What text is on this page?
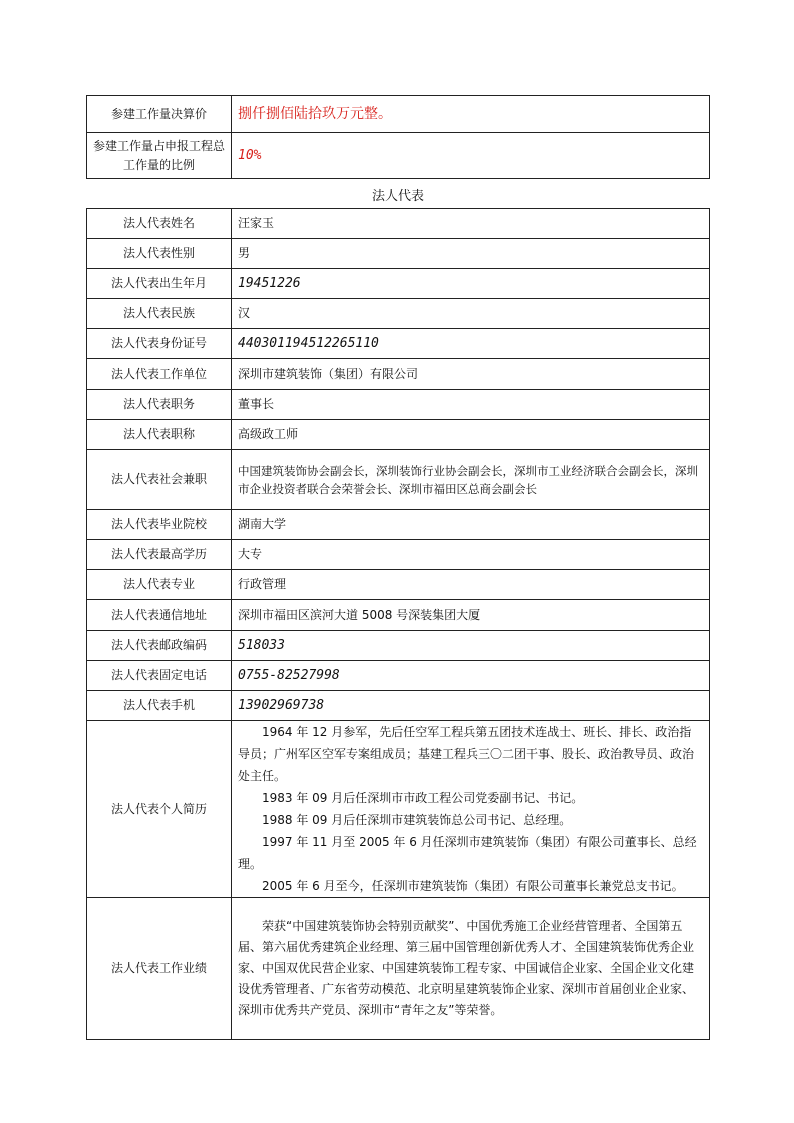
参建工作量决算价	捌仟捌佰陆拾玖万元整。
参建工作量占申报工程总工作量的比例	10%
法人代表
法人代表姓名	汪家玉
法人代表性别	男
法人代表出生年月	19451226
法人代表民族	汉
法人代表身份证号	440301194512265110
法人代表工作单位	深圳市建筑装饰（集团）有限公司
法人代表职务	董事长
法人代表职称	高级政工师
法人代表社会兼职	中国建筑装饰协会副会长，深圳装饰行业协会副会长，深圳市工业经济联合会副会长，深圳市企业投资者联合会荣誉会长、深圳市福田区总商会副会长
法人代表毕业院校	湖南大学
法人代表最高学历	大专
法人代表专业	行政管理
法人代表通信地址	深圳市福田区滨河大道 5008 号深装集团大厦
法人代表邮政编码	518033
法人代表固定电话	0755-82527998
法人代表手机	13902969738
法人代表个人简历	1964 年 12 月参军，先后任空军工程兵第五团技术连战士、班长、排长、政治指导员；广州军区空军专案组成员；基建工程兵三〇二团干事、股长、政治教导员、政治处主任。

1983 年 09 月后任深圳市市政工程公司党委副书记、书记。

1988 年 09 月后任深圳市建筑装饰总公司书记、总经理。

1997 年 11 月至 2005 年 6 月任深圳市建筑装饰（集团）有限公司董事长、总经理。

2005 年 6 月至今，任深圳市建筑装饰（集团）有限公司董事长兼党总支书记。

法人代表工作业绩	荣获“中国建筑装饰协会特别贡献奖”、中国优秀施工企业经营管理者、全国第五届、第六届优秀建筑企业经理、第三届中国管理创新优秀人才、全国建筑装饰优秀企业家、中国双优民营企业家、中国建筑装饰工程专家、中国诚信企业家、全国企业文化建设优秀管理者、广东省劳动模范、北京明星建筑装饰企业家、深圳市首届创业企业家、深圳市优秀共产党员、深圳市“青年之友”等荣誉。
